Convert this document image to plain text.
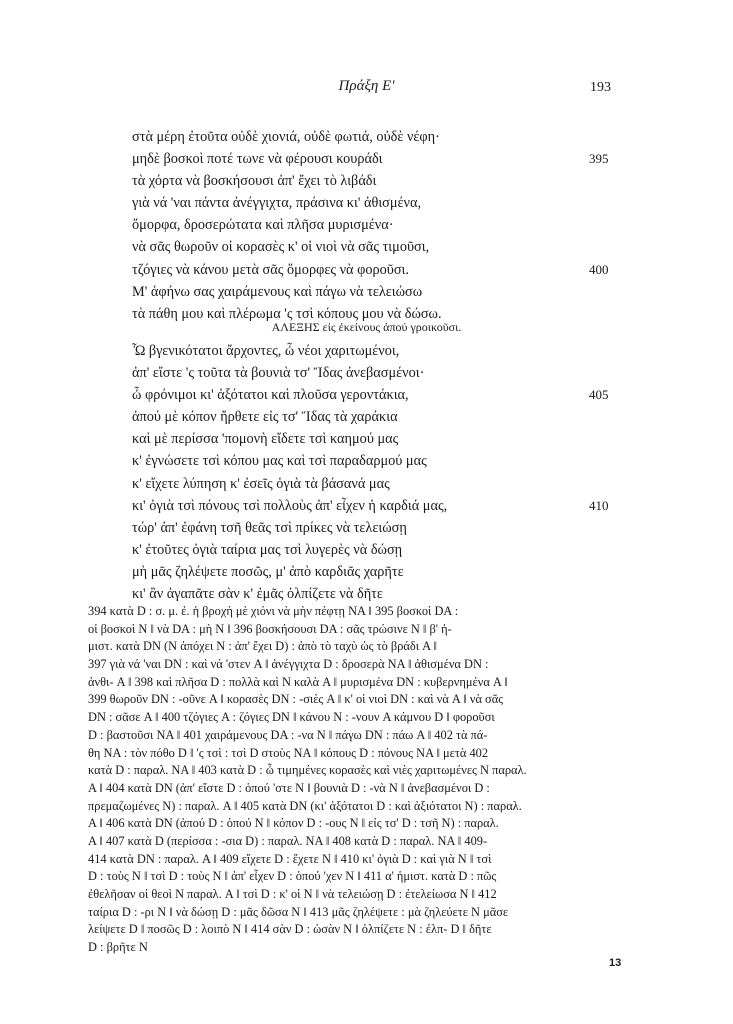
Πράξη Ε'	193
στὰ μέρη ἐτοῦτα οὐδὲ χιονιά, οὐδὲ φωτιά, οὐδὲ νέφη·
μηδὲ βοσκοὶ ποτέ τωνε νὰ φέρουσι κουράδι	395
τὰ χόρτα νὰ βοσκήσουσι ἀπ' ἔχει τὸ λιβάδι
γιὰ νά 'ναι πάντα ἀνέγγιχτα, πράσινα κι' ἀθισμένα,
ὅμορφα, δροσερώτατα καὶ πλῆσα μυρισμένα·
νὰ σᾶς θωροῦν οἱ κορασὲς κ' οἱ νιοὶ νὰ σᾶς τιμοῦσι,
τζόγιες νὰ κάνου μετὰ σᾶς ὅμορφες νὰ φοροῦσι.	400
Μ' ἀφήνω σας χαιράμενους καὶ πάγω νὰ τελειώσω
τὰ πάθη μου καὶ πλέρωμα 'ς τσὶ κόπους μου νὰ δώσω.
ΑΛΕΞΗΣ εἰς ἐκείνους ἀπού γροικοῦσι.
Ὦ βγενικότατοι ἄρχοντες, ὦ νέοι χαριτωμένοι,
ἀπ' εἴστε 'ς τοῦτα τὰ βουνιὰ τσ' Ἴδας ἀνεβασμένοι·
ὦ φρόνιμοι κι' ἀξότατοι καὶ πλοῦσα γεροντάκια,	405
ἀπού μὲ κόπον ἤρθετε εἰς τσ' Ἴδας τὰ χαράκια
καὶ μὲ περίσσα 'πομονὴ εἴδετε τσὶ καημού μας
κ' ἐγνώσετε τσὶ κόπου μας καὶ τσὶ παραδαρμού μας
κ' εἴχετε λύπηση κ' ἐσεῖς ὀγιὰ τὰ βάσανά μας
κι' ὀγιὰ τσὶ πόνους τσὶ πολλοὺς ἀπ' εἶχεν ἡ καρδιά μας,	410
τώρ' ἀπ' ἐφάνη τσῆ θεᾶς τσὶ πρίκες νὰ τελειώσῃ
κ' ἐτοῦτες ὀγιὰ ταίρια μας τσὶ λυγερὲς νὰ δώσῃ
μὴ μᾶς ζηλέψετε ποσῶς, μ' ἀπὸ καρδιᾶς χαρῆτε
κι' ἂν ἀγαπᾶτε σὰν κ' ἐμᾶς ὀλπίζετε νὰ δῆτε
394 κατὰ D : σ. μ. ἐ. ἡ βροχὴ μὲ χιόνι νὰ μὴν πέφτῃ NA ‖ 395 βοσκοὶ DA :
οἱ βοσκοὶ N ‖ νὰ DA : μὴ N ‖ 396 βοσκήσουσι DA : σᾶς τρώσινε N ‖ β' ἡ-
μιστ. κατὰ DN (N ἀπόχει N : ἀπ' ἔχει D) : ἀπὸ τὸ ταχὺ ὡς τὸ βράδι A ‖
397 γιὰ νά 'ναι DN : καὶ νά 'στεν A ‖ ἀνέγγιχτα D : δροσερὰ NA ‖ ἀθισμένα DN :
ἀνθι- A ‖ 398 καὶ πλῆσα D : πολλὰ καὶ N καλὰ A ‖ μυρισμένα DN : κυβερνημένα A ‖
399 θωροῦν DN : -οῦνε A ‖ κορασὲς DN : -σιὲς A ‖ κ' οἱ νιοὶ DN : καὶ νὰ A ‖ νὰ σᾶς
DN : σᾶσε A ‖ 400 τζόγιες A : ζόγιες DN ‖ κάνου N : -νουν A κάμνου D ‖ φοροῦσι
D : βαστοῦσι NA ‖ 401 χαιράμενους DA : -να N ‖ πάγω DN : πάω A ‖ 402 τὰ πά-
θη NA : τὸν πόθο D ‖ 'ς τσὶ : τσὶ D στοὺς NA ‖ κόπους D : πόνους NA ‖ μετὰ 402
κατὰ D : παραλ. NA ‖ 403 κατὰ D : ὦ τιμημένες κορασὲς καὶ νιὲς χαριτωμένες N παραλ.
A ‖ 404 κατὰ DN (ἀπ' εἴστε D : ὁπού 'στε N ‖ βουνιὰ D : -νὰ N ‖ ἀνεβασμένοι D :
πρεμαζωμένες N) : παραλ. A ‖ 405 κατὰ DN (κι' ἀξότατοι D : καὶ ἀξιότατοι N) : παραλ.
A ‖ 406 κατὰ DN (ἀπού D : ὁπού N ‖ κόπον D : -ους N ‖ εἰς τσ' D : τσῆ N) : παραλ.
A ‖ 407 κατὰ D (περίσσα : -σια D) : παραλ. NA ‖ 408 κατὰ D : παραλ. NA ‖ 409-
414 κατὰ DN : παραλ. A ‖ 409 εἴχετε D : ἔχετε N ‖ 410 κι' ὀγιὰ D : καὶ γιὰ N ‖ τσὶ
D : τοὺς N ‖ τσὶ D : τοὺς N ‖ ἀπ' εἶχεν D : ὁπού 'χεν N ‖ 411 α' ἡμιστ. κατὰ D : πῶς
ἐθελῆσαν οἱ θεοὶ N παραλ. A ‖ τσὶ D : κ' οἱ N ‖ νὰ τελειώσῃ D : ἐτελείωσα N ‖ 412
ταίρια D : -ρι N ‖ νὰ δώσῃ D : μᾶς δῶσα N ‖ 413 μᾶς ζηλέψετε : μὰ ζηλεύετε N μᾶσε
λείψετε D ‖ ποσῶς D : λοιπὸ N ‖ 414 σὰν D : ὡσὰν N ‖ ὀλπίζετε N : ἐλπ- D ‖ δῆτε
D : βρῆτε N
13
